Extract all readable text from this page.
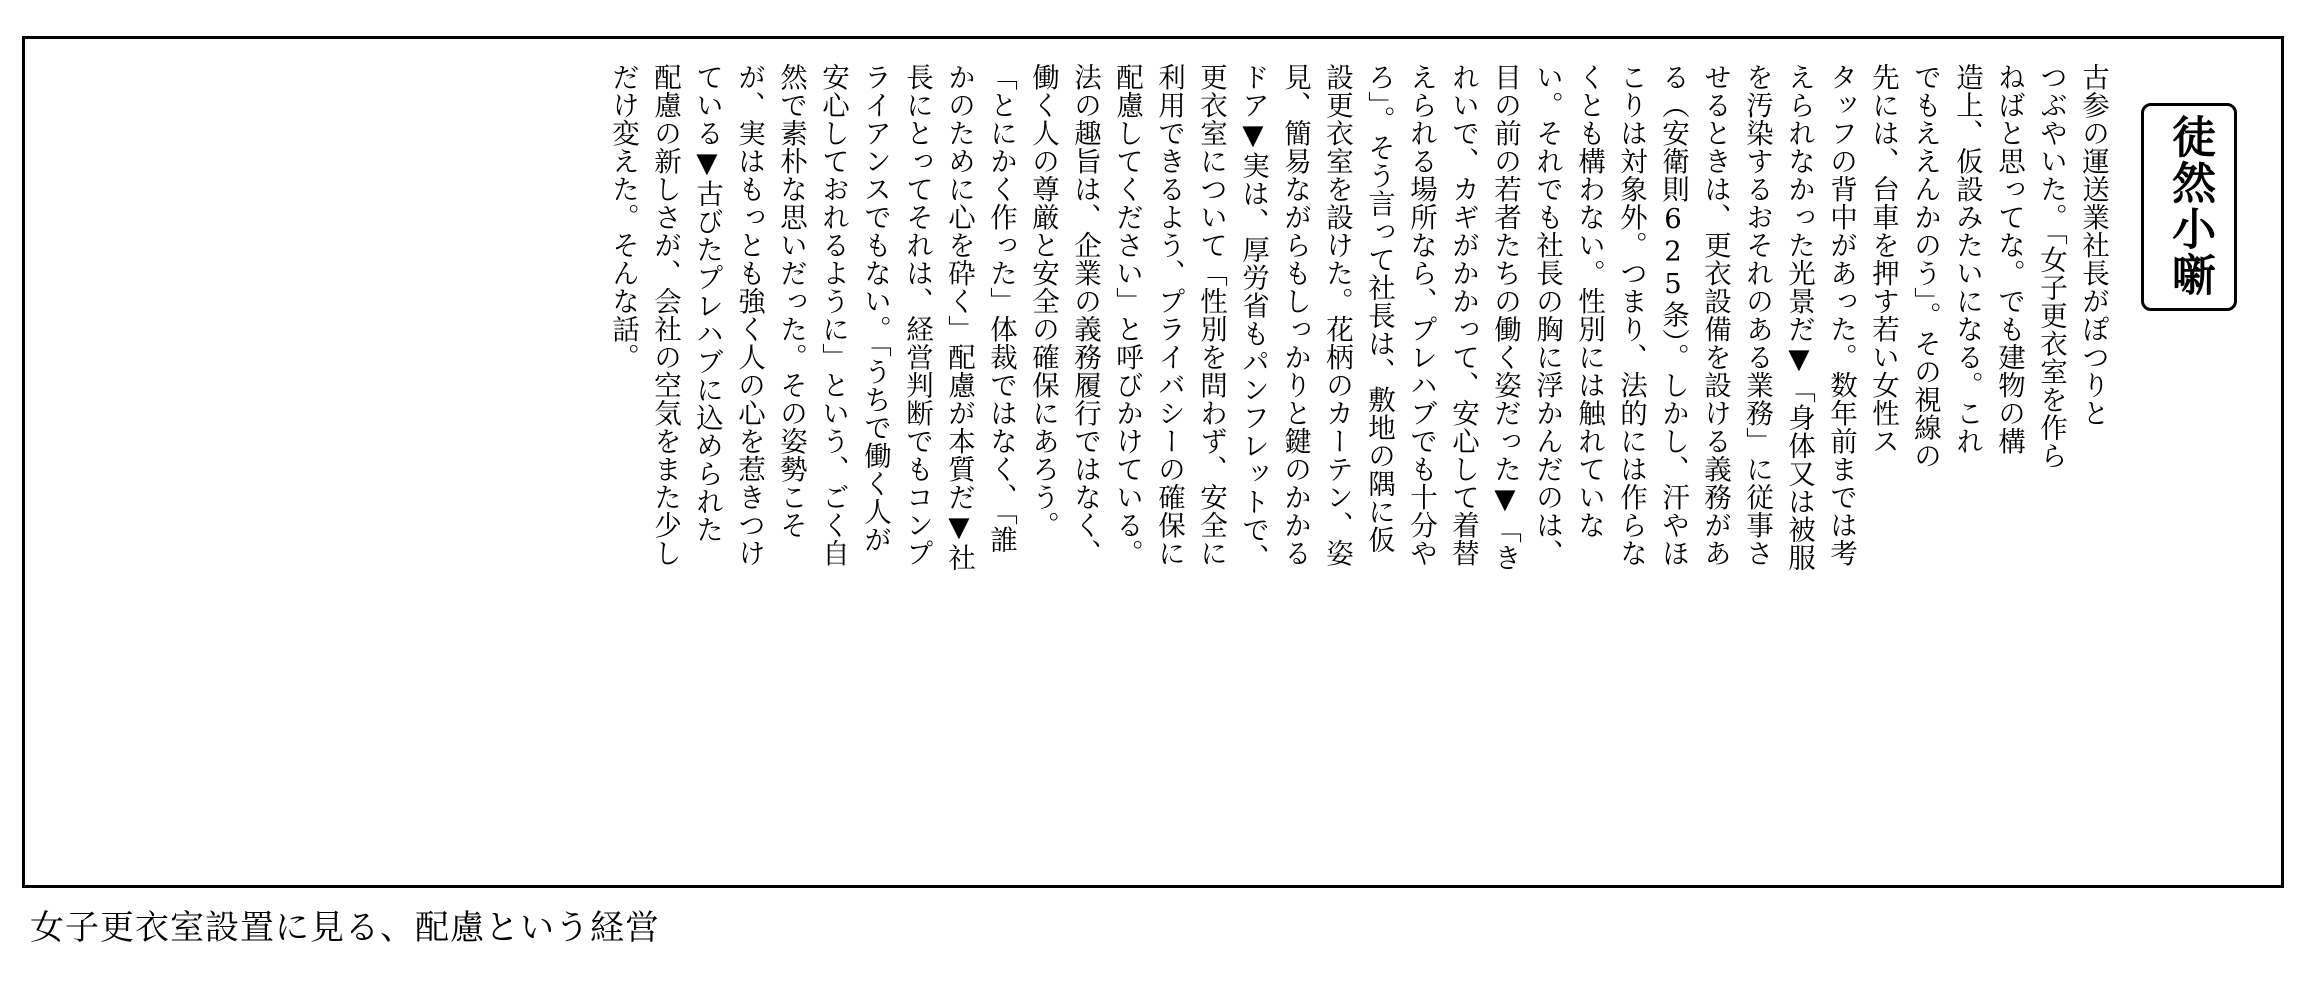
徒然小噺
古参の運送業社長がぽつりと
つぶやいた。「女子更衣室を作ら
ねばと思ってな。でも建物の構
造上、仮設みたいになる。これ
でもええんかのう」。その視線の
先には、台車を押す若い女性ス
タッフの背中があった。数年前までは考
えられなかった光景だ▼「身体又は被服
を汚染するおそれのある業務」に従事さ
せるときは、更衣設備を設ける義務があ
る（安衛則625条）。しかし、汗やほ
こりは対象外。つまり、法的には作らな
くとも構わない。性別には触れていな
い。それでも社長の胸に浮かんだのは、
目の前の若者たちの働く姿だった▼「き
れいで、カギがかかって、安心して着替
えられる場所なら、プレハブでも十分や
ろ」。そう言って社長は、敷地の隅に仮
設更衣室を設けた。花柄のカーテン、姿
見、簡易ながらもしっかりと鍵のかかる
ドア▼実は、厚労省もパンフレットで、
更衣室について「性別を問わず、安全に
利用できるよう、プライバシーの確保に
配慮してください」と呼びかけている。
法の趣旨は、企業の義務履行ではなく、
働く人の尊厳と安全の確保にあろう。
「とにかく作った」体裁ではなく、「誰
かのために心を砕く」配慮が本質だ▼社
長にとってそれは、経営判断でもコンプ
ライアンスでもない。「うちで働く人が
安心しておれるように」という、ごく自
然で素朴な思いだった。その姿勢こそ
が、実はもっとも強く人の心を惹きつけ
ている▼古びたプレハブに込められた
配慮の新しさが、会社の空気をまた少し
だけ変えた。そんな話。
女子更衣室設置に見る、配慮という経営
